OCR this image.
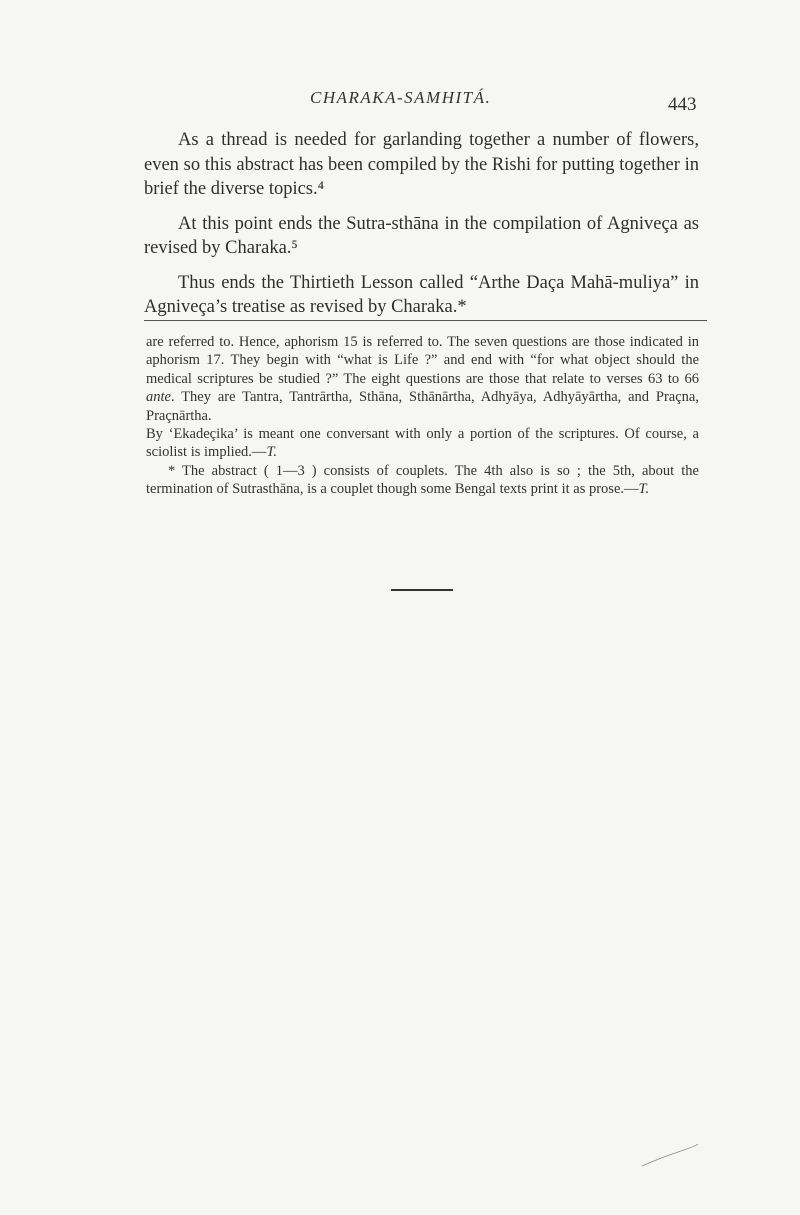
CHARAKA-SAMHITÁ.	443

As a thread is needed for garlanding together a number of flowers, even so this abstract has been compiled by the Rishi for putting together in brief the diverse topics.⁴

At this point ends the Sutra-sthāna in the compilation of Agniveça as revised by Charaka.⁵

Thus ends the Thirtieth Lesson called “Arthe Daça Mahā-muliya” in Agniveça’s treatise as revised by Charaka.*

are referred to. Hence, aphorism 15 is referred to. The seven questions are those indicated in aphorism 17. They begin with “what is Life ?” and end with “for what object should the medical scriptures be studied ?” The eight questions are those that relate to verses 63 to 66 ante. They are Tantra, Tantrārtha, Sthāna, Sthānārtha, Adhyāya, Adhyāyārtha, and Praçna, Praçnārtha.

By ‘Ekadeçika’ is meant one conversant with only a portion of the scriptures. Of course, a sciolist is implied.—T.

* The abstract ( 1—3 ) consists of couplets. The 4th also is so ; the 5th, about the termination of Sutrasthāna, is a couplet though some Bengal texts print it as prose.—T.
